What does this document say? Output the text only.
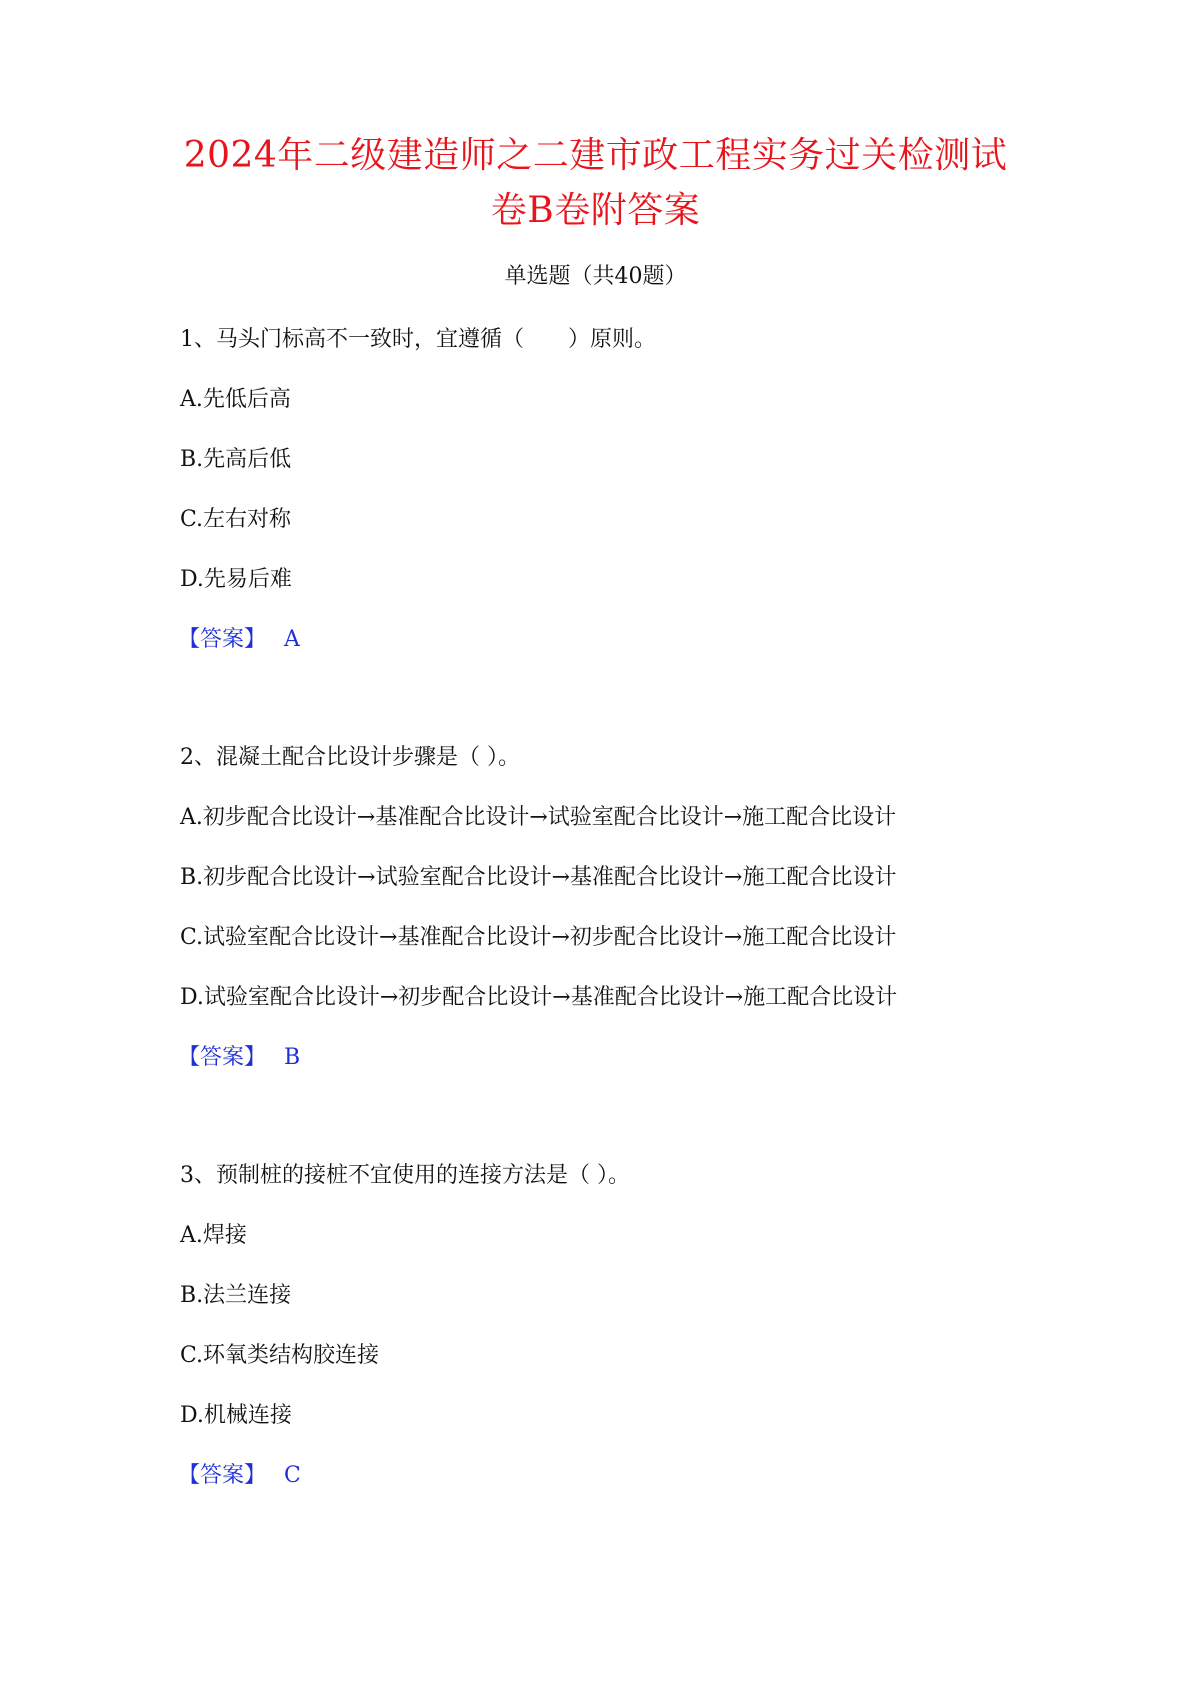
2024年二级建造师之二建市政工程实务过关检测试
卷B卷附答案

单选题（共40题）

1、马头门标高不一致时，宜遵循（　　）原则。

A.先低后高

B.先高后低

C.左右对称

D.先易后难

【答案】 A

2、混凝土配合比设计步骤是（ ）。

A.初步配合比设计→基准配合比设计→试验室配合比设计→施工配合比设计

B.初步配合比设计→试验室配合比设计→基准配合比设计→施工配合比设计

C.试验室配合比设计→基准配合比设计→初步配合比设计→施工配合比设计

D.试验室配合比设计→初步配合比设计→基准配合比设计→施工配合比设计

【答案】 B

3、预制桩的接桩不宜使用的连接方法是（ ）。

A.焊接

B.法兰连接

C.环氧类结构胶连接

D.机械连接

【答案】 C
